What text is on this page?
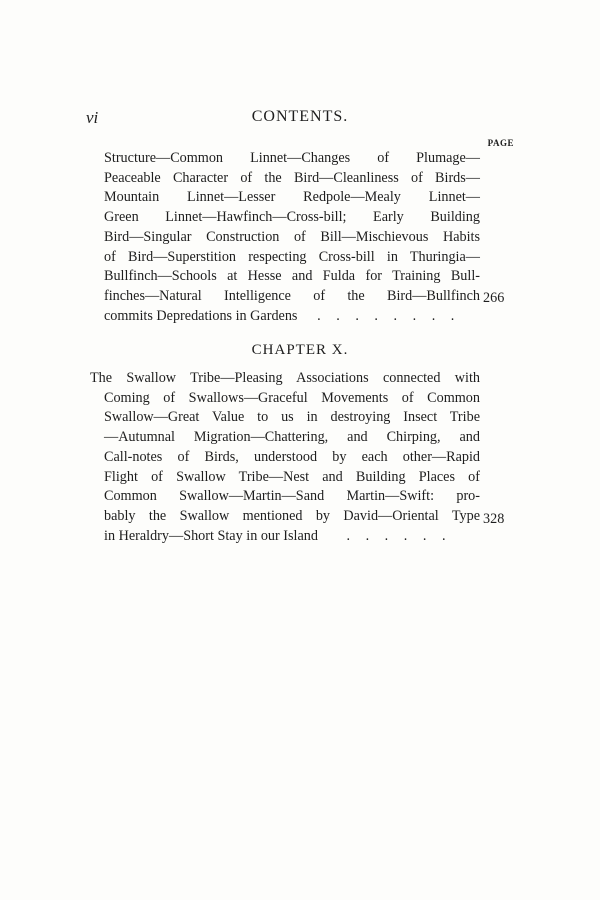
vi	CONTENTS.
PAGE
Structure—Common Linnet—Changes of Plumage—
Peaceable Character of the Bird—Cleanliness of Birds—
Mountain Linnet—Lesser Redpole—Mealy Linnet—
Green Linnet—Hawfinch—Cross-bill; Early Building
Bird—Singular Construction of Bill—Mischievous Habits
of Bird—Superstition respecting Cross-bill in Thuringia—
Bullfinch—Schools at Hesse and Fulda for Training Bull-
finches—Natural Intelligence of the Bird—Bullfinch
commits Depredations in Gardens	. . . . . . . .
266
CHAPTER X.
The Swallow Tribe—Pleasing Associations connected with
Coming of Swallows—Graceful Movements of Common
Swallow—Great Value to us in destroying Insect Tribe
—Autumnal Migration—Chattering, and Chirping, and
Call-notes of Birds, understood by each other—Rapid
Flight of Swallow Tribe—Nest and Building Places of
Common Swallow—Martin—Sand Martin—Swift: pro-
bably the Swallow mentioned by David—Oriental Type
in Heraldry—Short Stay in our Island	. . . . . .
328
